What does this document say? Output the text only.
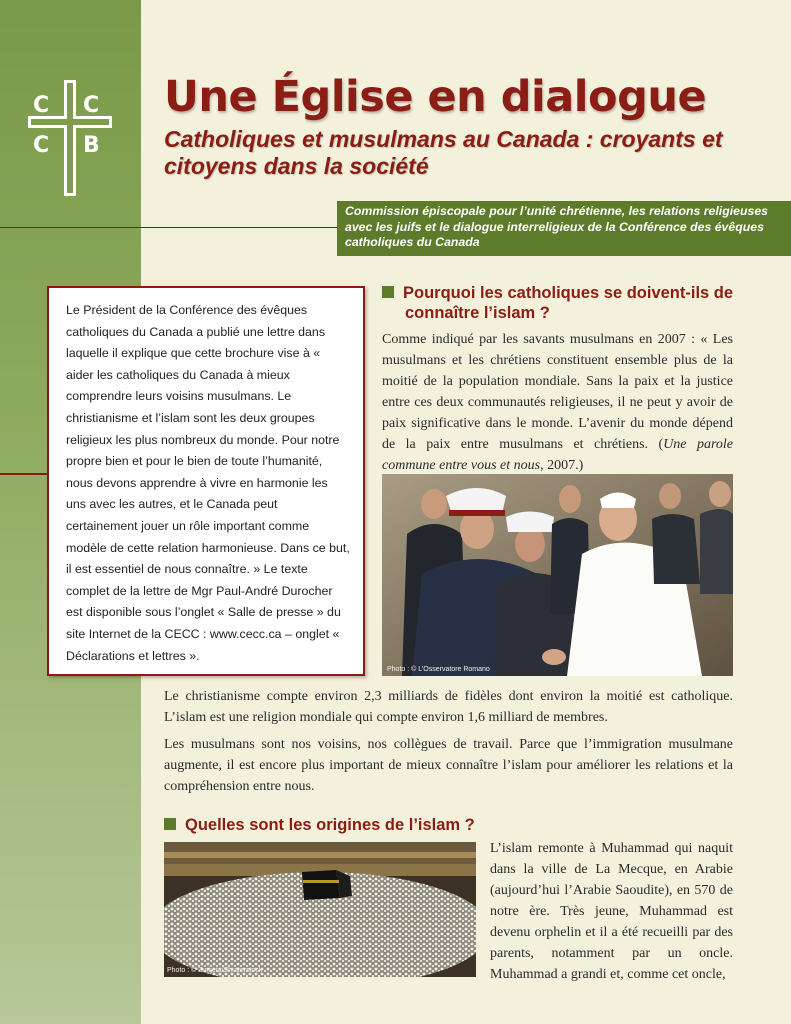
C C
C B
Une Église en dialogue
Catholiques et musulmans au Canada : croyants et citoyens dans la société
Commission épiscopale pour l’unité chrétienne, les relations religieuses avec les juifs et le dialogue interreligieux de la Conférence des évêques catholiques du Canada
Le Président de la Conférence des évêques catholiques du Canada a publié une lettre dans laquelle il explique que cette brochure vise à « aider les catholiques du Canada à mieux comprendre leurs voisins musulmans. Le christianisme et l’islam sont les deux groupes religieux les plus nombreux du monde. Pour notre propre bien et pour le bien de toute l’humanité, nous devons apprendre à vivre en harmonie les uns avec les autres, et le Canada peut certainement jouer un rôle important comme modèle de cette relation harmonieuse. Dans ce but, il est essentiel de nous connaître. » Le texte complet de la lettre de Mgr Paul-André Durocher est disponible sous l’onglet « Salle de presse » du site Internet de la CECC : www.cecc.ca – onglet « Déclarations et lettres ».
Pourquoi les catholiques se doivent-ils de connaître l’islam ?

Comme indiqué par les savants musulmans en 2007 : « Les musulmans et les chrétiens constituent ensemble plus de la moitié de la population mondiale. Sans la paix et la justice entre ces deux communautés religieuses, il ne peut y avoir de paix significative dans le monde. L’avenir du monde dépend de la paix entre musulmans et chrétiens. (Une parole commune entre vous et nous, 2007.)

Photo : © L’Osservatore Romano

Le christianisme compte environ 2,3 milliards de fidèles dont environ la moitié est catholique. L’islam est une religion mondiale qui compte environ 1,6 milliard de membres.

Les musulmans sont nos voisins, nos collègues de travail. Parce que l’immigration musulmane augmente, il est encore plus important de mieux connaître l’islam pour améliorer les relations et la compréhension entre nous.

Quelles sont les origines de l’islam ?
Photo : © Zurijeta/Shutterstock

L’islam remonte à Muhammad qui naquit dans la ville de La Mecque, en Arabie (aujourd’hui l’Arabie Saoudite), en 570 de notre ère. Très jeune, Muhammad est devenu orphelin et il a été recueilli par des parents, notamment par un oncle. Muhammad a grandi et, comme cet oncle,
